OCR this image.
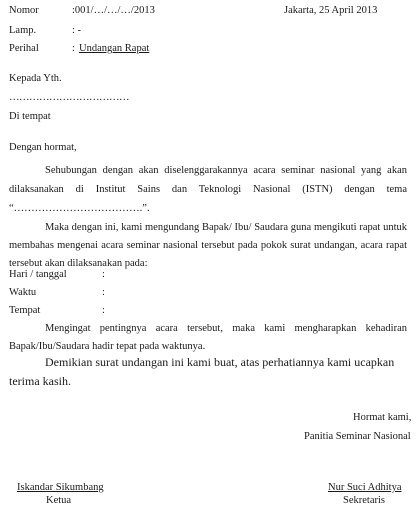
Nomor	:001/…/…/…/2013	Jakarta, 25 April 2013
Lamp.	: -
Perihal	: Undangan Rapat
Kepada Yth.
………………………………
Di tempat
Dengan hormat,
Sehubungan dengan akan diselenggarakannya acara seminar nasional yang akan dilaksanakan di Institut Sains dan Teknologi Nasional (ISTN) dengan tema “……………………………….”.
Maka dengan ini, kami mengundang Bapak/ Ibu/ Saudara guna mengikuti rapat untuk membahas mengenai acara seminar nasional tersebut pada pokok surat undangan, acara rapat tersebut akan dilaksanakan pada:
Hari / tanggal	:
Waktu	:
Tempat	:
Mengingat pentingnya acara tersebut, maka kami mengharapkan kehadiran Bapak/Ibu/Saudara hadir tepat pada waktunya.
Demikian surat undangan ini kami buat, atas perhatiannya kami ucapkan terima kasih.
Hormat kami,
Panitia Seminar Nasional
Iskandar Sikumbang
Ketua
Nur Suci Adhitya
Sekretaris
